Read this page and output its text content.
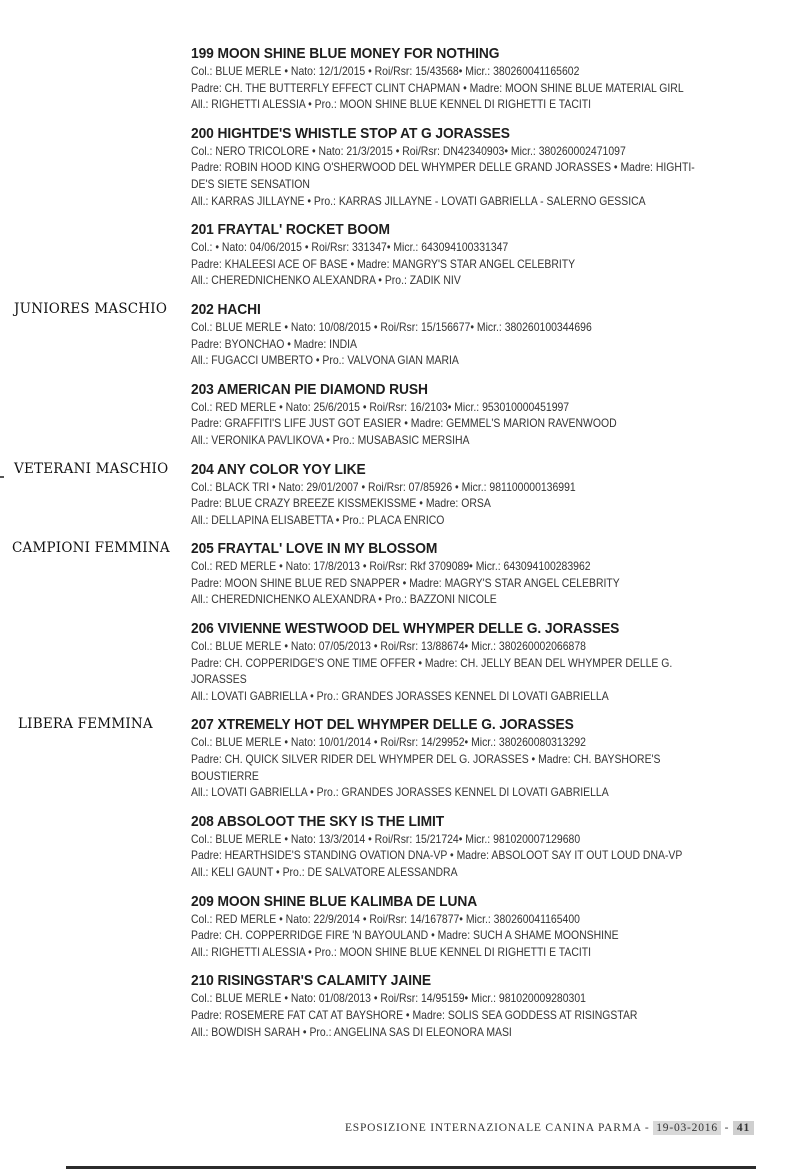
199 MOON SHINE BLUE MONEY FOR NOTHING
Col.: BLUE MERLE • Nato: 12/1/2015 • Roi/Rsr: 15/43568• Micr.: 380260041165602
Padre: CH. THE BUTTERFLY EFFECT CLINT CHAPMAN • Madre: MOON SHINE BLUE MATERIAL GIRL
All.: RIGHETTI ALESSIA • Pro.: MOON SHINE BLUE KENNEL DI RIGHETTI E TACITI
200 HIGHTDE'S WHISTLE STOP AT G JORASSES
Col.: NERO TRICOLORE • Nato: 21/3/2015 • Roi/Rsr: DN42340903• Micr.: 380260002471097
Padre: ROBIN HOOD KING O'SHERWOOD DEL WHYMPER DELLE GRAND JORASSES • Madre: HIGHTI-
DE'S SIETE SENSATION
All.: KARRAS JILLAYNE • Pro.: KARRAS JILLAYNE - LOVATI GABRIELLA - SALERNO GESSICA
201 FRAYTAL' ROCKET BOOM
Col.: • Nato: 04/06/2015 • Roi/Rsr: 331347• Micr.: 643094100331347
Padre: KHALEESI ACE OF BASE • Madre: MANGRY'S STAR ANGEL CELEBRITY
All.: CHEREDNICHENKO ALEXANDRA • Pro.: ZADIK NIV
202 HACHI
Col.: BLUE MERLE • Nato: 10/08/2015 • Roi/Rsr: 15/156677• Micr.: 380260100344696
Padre: BYONCHAO • Madre: INDIA
All.: FUGACCI UMBERTO • Pro.: VALVONA GIAN MARIA
203 AMERICAN PIE DIAMOND RUSH
Col.: RED MERLE • Nato: 25/6/2015 • Roi/Rsr: 16/2103• Micr.: 953010000451997
Padre: GRAFFITI'S LIFE JUST GOT EASIER • Madre: GEMMEL'S MARION RAVENWOOD
All.: VERONIKA PAVLIKOVA • Pro.: MUSABASIC MERSIHA
204 ANY COLOR YOY LIKE
Col.: BLACK TRI • Nato: 29/01/2007 • Roi/Rsr: 07/85926 • Micr.: 981100000136991
Padre: BLUE CRAZY BREEZE KISSMEKISSME • Madre: ORSA
All.: DELLAPINA ELISABETTA • Pro.: PLACA ENRICO
205 FRAYTAL' LOVE IN MY BLOSSOM
Col.: RED MERLE • Nato: 17/8/2013 • Roi/Rsr: Rkf 3709089• Micr.: 643094100283962
Padre: MOON SHINE BLUE RED SNAPPER • Madre: MAGRY'S STAR ANGEL CELEBRITY
All.: CHEREDNICHENKO ALEXANDRA • Pro.: BAZZONI NICOLE
206 VIVIENNE WESTWOOD DEL WHYMPER DELLE G. JORASSES
Col.: BLUE MERLE • Nato: 07/05/2013 • Roi/Rsr: 13/88674• Micr.: 380260002066878
Padre: CH. COPPERIDGE'S ONE TIME OFFER • Madre: CH. JELLY BEAN DEL WHYMPER DELLE G.
JORASSES
All.: LOVATI GABRIELLA • Pro.: GRANDES JORASSES KENNEL DI LOVATI GABRIELLA
207 XTREMELY HOT DEL WHYMPER DELLE G. JORASSES
Col.: BLUE MERLE • Nato: 10/01/2014 • Roi/Rsr: 14/29952• Micr.: 380260080313292
Padre: CH. QUICK SILVER RIDER DEL WHYMPER DEL G. JORASSES • Madre: CH. BAYSHORE'S
BOUSTIERRE
All.: LOVATI GABRIELLA • Pro.: GRANDES JORASSES KENNEL DI LOVATI GABRIELLA
208 ABSOLOOT THE SKY IS THE LIMIT
Col.: BLUE MERLE • Nato: 13/3/2014 • Roi/Rsr: 15/21724• Micr.: 981020007129680
Padre: HEARTHSIDE'S STANDING OVATION DNA-VP • Madre: ABSOLOOT SAY IT OUT LOUD DNA-VP
All.: KELI GAUNT • Pro.: DE SALVATORE ALESSANDRA
209 MOON SHINE BLUE KALIMBA DE LUNA
Col.: RED MERLE • Nato: 22/9/2014 • Roi/Rsr: 14/167877• Micr.: 380260041165400
Padre: CH. COPPERRIDGE FIRE 'N BAYOULAND • Madre: SUCH A SHAME MOONSHINE
All.: RIGHETTI ALESSIA • Pro.: MOON SHINE BLUE KENNEL DI RIGHETTI E TACITI
210 RISINGSTAR'S CALAMITY JAINE
Col.: BLUE MERLE • Nato: 01/08/2013 • Roi/Rsr: 14/95159• Micr.: 981020009280301
Padre: ROSEMERE FAT CAT AT BAYSHORE • Madre: SOLIS SEA GODDESS AT RISINGSTAR
All.: BOWDISH SARAH • Pro.: ANGELINA SAS DI ELEONORA MASI
JUNIORES MASCHIO
VETERANI MASCHIO
CAMPIONI FEMMINA
LIBERA FEMMINA
ESPOSIZIONE INTERNAZIONALE CANINA PARMA - 19-03-2016 - 41
